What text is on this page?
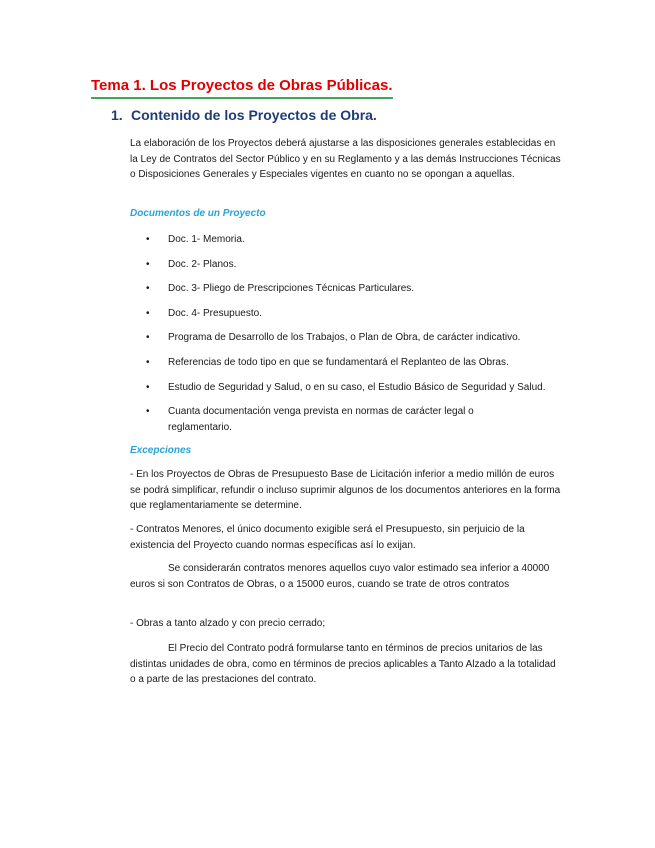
Tema 1. Los Proyectos de Obras Públicas.
1. Contenido de los Proyectos de Obra.

La elaboración de los Proyectos deberá ajustarse a las disposiciones generales establecidas en la Ley de Contratos del Sector Público y en su Reglamento y a las demás Instrucciones Técnicas o Disposiciones Generales y Especiales vigentes en cuanto no se opongan a aquellas.

Documentos de un Proyecto

• Doc. 1- Memoria.
• Doc. 2- Planos.
• Doc. 3- Pliego de Prescripciones Técnicas Particulares.
• Doc. 4- Presupuesto.
• Programa de Desarrollo de los Trabajos, o Plan de Obra, de carácter indicativo.
• Referencias de todo tipo en que se fundamentará el Replanteo de las Obras.
• Estudio de Seguridad y Salud, o en su caso, el Estudio Básico de Seguridad y Salud.
• Cuanta documentación venga prevista en normas de carácter legal o reglamentario.

Excepciones

- En los Proyectos de Obras de Presupuesto Base de Licitación inferior a medio millón de euros se podrá simplificar, refundir o incluso suprimir algunos de los documentos anteriores en la forma que reglamentariamente se determine.

- Contratos Menores, el único documento exigible será el Presupuesto, sin perjuicio de la existencia del Proyecto cuando normas específicas así lo exijan.

Se considerarán contratos menores aquellos cuyo valor estimado sea inferior a 40000 euros si son Contratos de Obras, o a 15000 euros, cuando se trate de otros contratos

- Obras a tanto alzado y con precio cerrado;

El Precio del Contrato podrá formularse tanto en términos de precios unitarios de las distintas unidades de obra, como en términos de precios aplicables a Tanto Alzado a la totalidad o a parte de las prestaciones del contrato.
